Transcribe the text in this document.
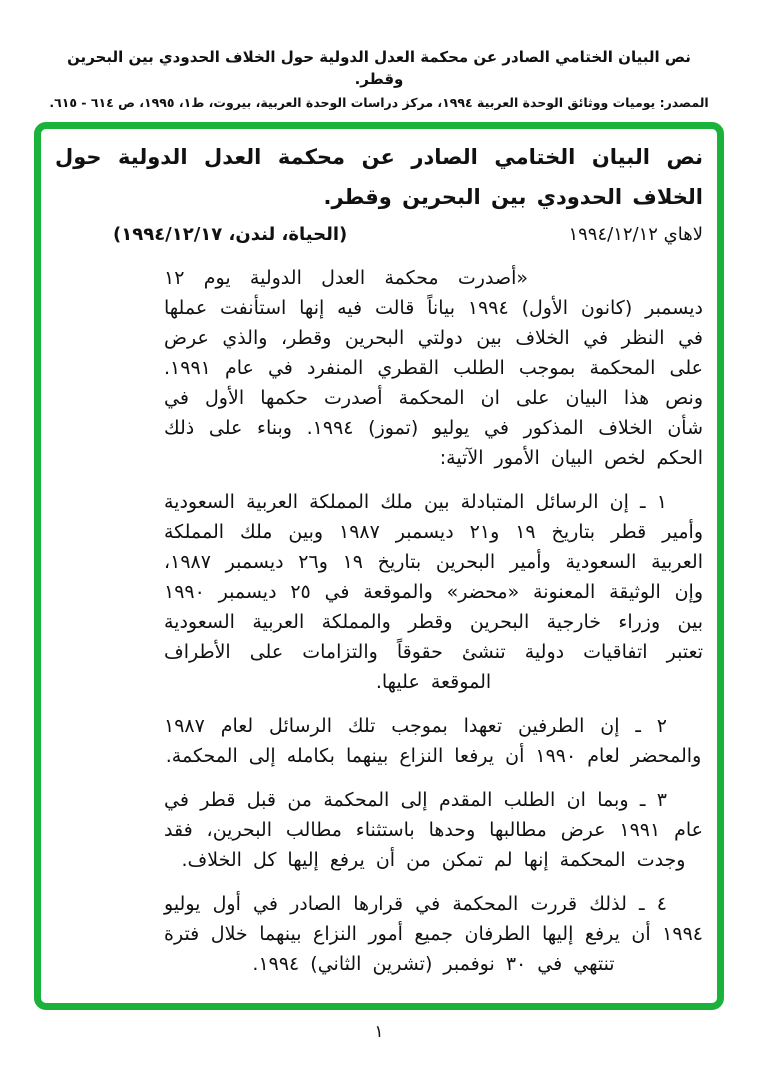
نص البيان الختامي الصادر عن محكمة العدل الدولية حول الخلاف الحدودي بين البحرين وقطر.
المصدر: يوميات ووثائق الوحدة العربية ١٩٩٤، مركز دراسات الوحدة العربية، بيروت، ط١، ١٩٩٥، ص ٦١٤ - ٦١٥.
نص البيان الختامي الصادر عن محكمة العدل الدولية حول الخلاف الحدودي بين البحرين وقطر.
لاهاي ١٩٩٤/١٢/١٢
(الحياة، لندن، ١٩٩٤/١٢/١٧)

«أصدرت محكمة العدل الدولية يوم ١٢ ديسمبر (كانون الأول) ١٩٩٤ بياناً قالت فيه إنها استأنفت عملها في النظر في الخلاف بين دولتي البحرين وقطر، والذي عرض على المحكمة بموجب الطلب القطري المنفرد في عام ١٩٩١. ونص هذا البيان على ان المحكمة أصدرت حكمها الأول في شأن الخلاف المذكور في يوليو (تموز) ١٩٩٤. وبناء على ذلك الحكم لخص البيان الأمور الآتية:

١ ـ إن الرسائل المتبادلة بين ملك المملكة العربية السعودية وأمير قطر بتاريخ ١٩ و٢١ ديسمبر ١٩٨٧ وبين ملك المملكة العربية السعودية وأمير البحرين بتاريخ ١٩ و٢٦ ديسمبر ١٩٨٧، وإن الوثيقة المعنونة «محضر» والموقعة في ٢٥ ديسمبر ١٩٩٠ بين وزراء خارجية البحرين وقطر والمملكة العربية السعودية تعتبر اتفاقيات دولية تنشئ حقوقاً والتزامات على الأطراف الموقعة عليها.

٢ ـ إن الطرفين تعهدا بموجب تلك الرسائل لعام ١٩٨٧ والمحضر لعام ١٩٩٠ أن يرفعا النزاع بينهما بكامله إلى المحكمة.

٣ ـ وبما ان الطلب المقدم إلى المحكمة من قبل قطر في عام ١٩٩١ عرض مطالبها وحدها باستثناء مطالب البحرين، فقد وجدت المحكمة إنها لم تمكن من أن يرفع إليها كل الخلاف.

٤ ـ لذلك قررت المحكمة في قرارها الصادر في أول يوليو ١٩٩٤ أن يرفع إليها الطرفان جميع أمور النزاع بينهما خلال فترة تنتهي في ٣٠ نوفمبر (تشرين الثاني) ١٩٩٤.

١
